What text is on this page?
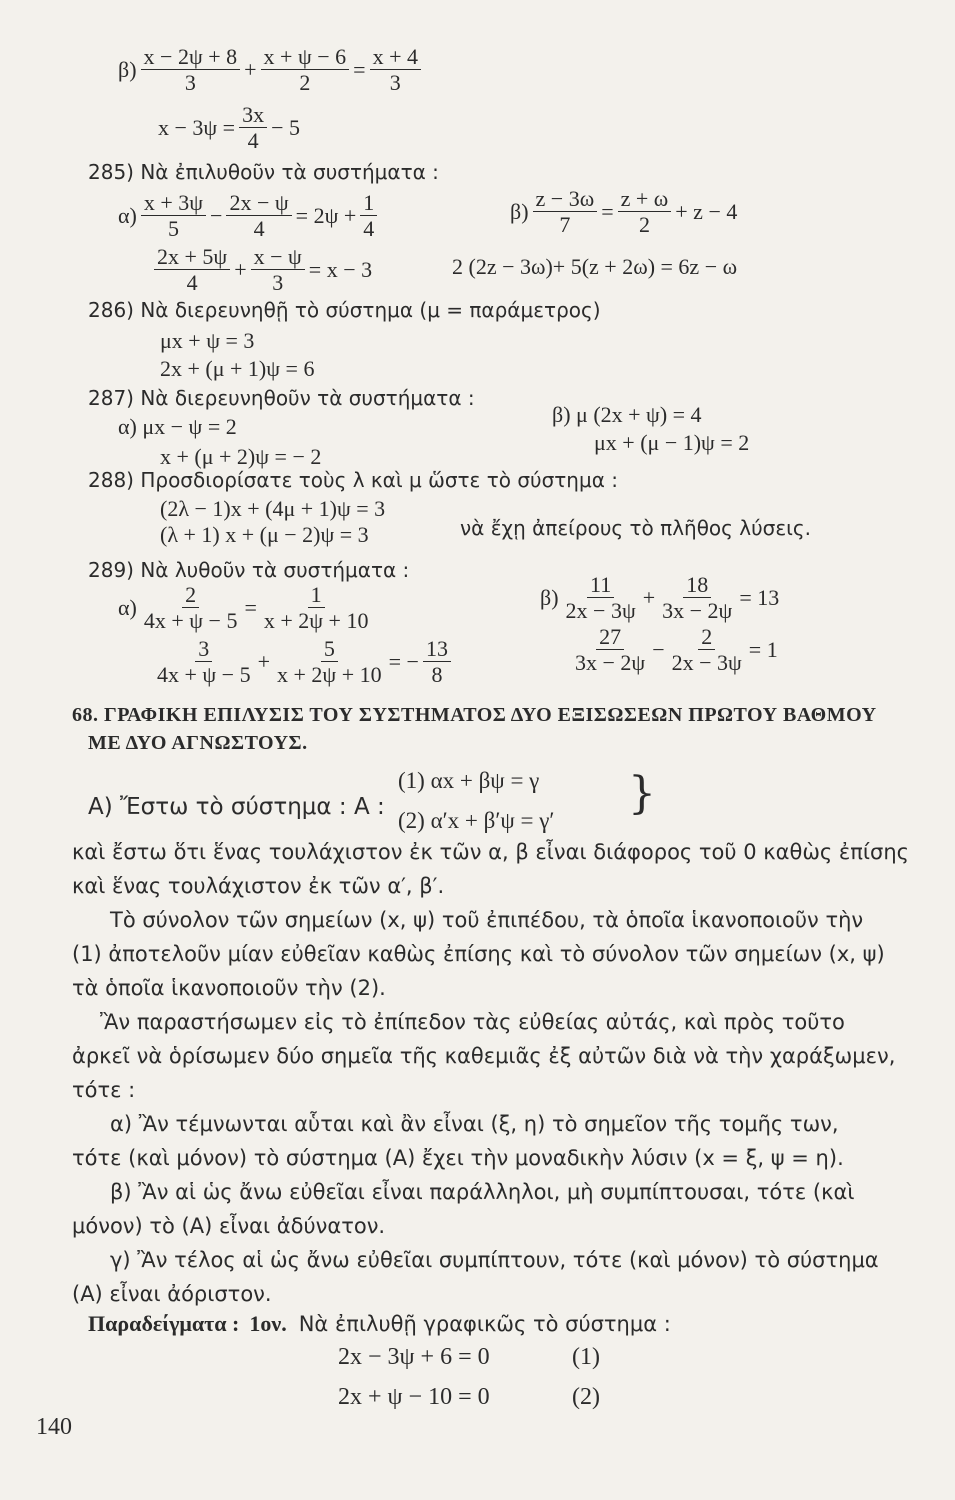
$\beta) \frac{x - 2\psi + 8}{3} + \frac{x + \psi - 6}{2} = \frac{x + 4}{3}$
$x - 3\psi = \frac{3x}{4} - 5$
285) Νὰ ἐπιλυθοῦν τὰ συστήματα :
$\alpha) \frac{x + 3\psi}{5} - \frac{2x - \psi}{4} = 2\psi + \frac{1}{4}$	$\beta) \frac{z - 3\omega}{7} = \frac{z + \omega}{2} + z - 4$
$\frac{2x + 5\psi}{4} + \frac{x - \psi}{3} = x - 3$	2 (2z − 3ω)+ 5(z + 2ω) = 6z − ω
286) Νὰ διερευνηθῇ τὸ σύστημα (μ = παράμετρος)
μx + ψ = 3
2x + (μ + 1)ψ = 6
287) Νὰ διερευνηθοῦν τὰ συστήματα :
α) μx − ψ = 2
x + (μ + 2)ψ = − 2
β) μ (2x + ψ) = 4
μx + (μ − 1)ψ = 2
288) Προσδιορίσατε τοὺς λ καὶ μ ὥστε τὸ σύστημα :
(2λ − 1)x + (4μ + 1)ψ = 3
(λ + 1) x + (μ − 2)ψ = 3	νὰ ἔχῃ ἀπείρους τὸ πλῆθος λύσεις.
289) Νὰ λυθοῦν τὰ συστήματα :
$\alpha) \frac{2}{4x + \psi - 5} = \frac{1}{x + 2\psi + 10}$
$\frac{3}{4x + \psi - 5} + \frac{5}{x + 2\psi + 10}$ = − $\frac{13}{8}$
$\beta) \frac{11}{2x - 3\psi} + \frac{18}{3x - 2\psi} = 13$
$\frac{27}{3x - 2\psi} - \frac{2}{2x - 3\psi} = 1$
68. ΓΡΑΦΙΚΗ ΕΠΙΛΥΣΙΣ ΤΟΥ ΣΥΣΤΗΜΑΤΟΣ ΔΥΟ ΕΞΙΣΩΣΕΩΝ ΠΡΩΤΟΥ ΒΑΘΜΟΥ
ΜΕ ΔΥΟ ΑΓΝΩΣΤΟΥΣ.
Α) Ἔστω τὸ σύστημα : Α :
(1) αx + βψ = γ
(2) α′x + β′ψ = γ′
}
καὶ ἔστω ὅτι ἕνας τουλάχιστον ἐκ τῶν α, β εἶναι διάφορος τοῦ 0 καθὼς ἐπίσης
καὶ ἕνας τουλάχιστον ἐκ τῶν α′, β′.
Τὸ σύνολον τῶν σημείων (x, ψ) τοῦ ἐπιπέδου, τὰ ὁποῖα ἱκανοποιοῦν τὴν
(1) ἀποτελοῦν μίαν εὐθεῖαν καθὼς ἐπίσης καὶ τὸ σύνολον τῶν σημείων (x, ψ)
τὰ ὁποῖα ἱκανοποιοῦν τὴν (2).
Ἂν παραστήσωμεν εἰς τὸ ἐπίπεδον τὰς εὐθείας αὐτάς, καὶ πρὸς τοῦτο
ἀρκεῖ νὰ ὁρίσωμεν δύο σημεῖα τῆς καθεμιᾶς ἐξ αὐτῶν διὰ νὰ τὴν χαράξωμεν,
τότε :
α) Ἂν τέμνωνται αὗται καὶ ἂν εἶναι (ξ, η) τὸ σημεῖον τῆς τομῆς των,
τότε (καὶ μόνον) τὸ σύστημα (Α) ἔχει τὴν μοναδικὴν λύσιν (x = ξ, ψ = η).
β) Ἂν αἱ ὡς ἄνω εὐθεῖαι εἶναι παράλληλοι, μὴ συμπίπτουσαι, τότε (καὶ
μόνον) τὸ (Α) εἶναι ἀδύνατον.
γ) Ἂν τέλος αἱ ὡς ἄνω εὐθεῖαι συμπίπτουν, τότε (καὶ μόνον) τὸ σύστημα
(Α) εἶναι ἀόριστον.
Παραδείγματα : 1ον. Νὰ ἐπιλυθῇ γραφικῶς τὸ σύστημα :
2x − 3ψ + 6 = 0	(1)
2x + ψ − 10 = 0	(2)
140
